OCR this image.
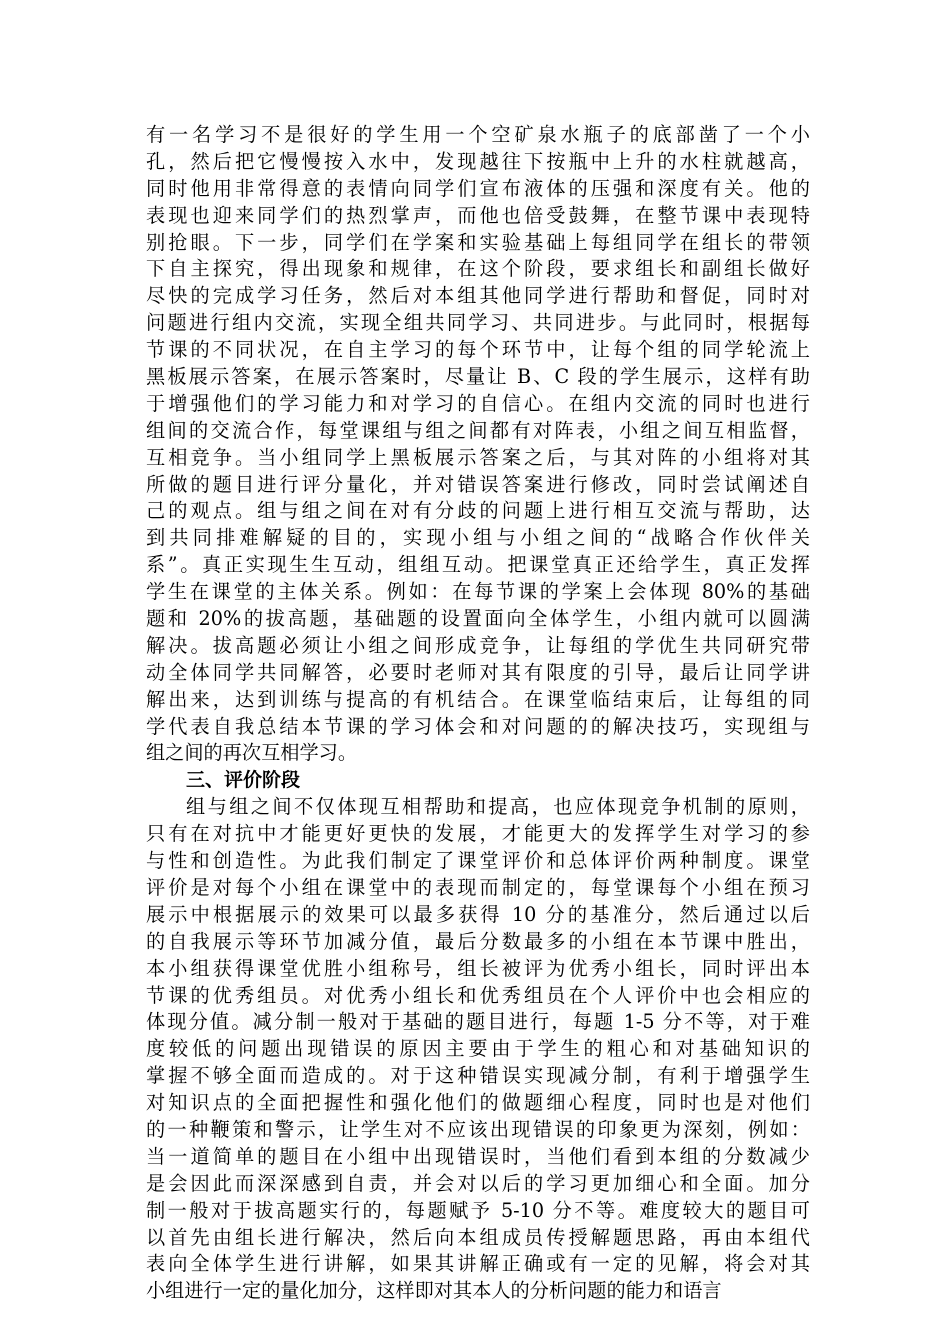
有一名学习不是很好的学生用一个空矿泉水瓶子的底部凿了一个小
孔，然后把它慢慢按入水中，发现越往下按瓶中上升的水柱就越高，
同时他用非常得意的表情向同学们宣布液体的压强和深度有关。他的
表现也迎来同学们的热烈掌声，而他也倍受鼓舞，在整节课中表现特
别抢眼。下一步，同学们在学案和实验基础上每组同学在组长的带领
下自主探究，得出现象和规律，在这个阶段，要求组长和副组长做好
尽快的完成学习任务，然后对本组其他同学进行帮助和督促，同时对
问题进行组内交流，实现全组共同学习、共同进步。与此同时，根据每
节课的不同状况，在自主学习的每个环节中，让每个组的同学轮流上
黑板展示答案，在展示答案时，尽量让 B、C 段的学生展示，这样有助
于增强他们的学习能力和对学习的自信心。在组内交流的同时也进行
组间的交流合作，每堂课组与组之间都有对阵表，小组之间互相监督，
互相竞争。当小组同学上黑板展示答案之后，与其对阵的小组将对其
所做的题目进行评分量化，并对错误答案进行修改，同时尝试阐述自
己的观点。组与组之间在对有分歧的问题上进行相互交流与帮助，达
到共同排难解疑的目的，实现小组与小组之间的“战略合作伙伴关
系”。真正实现生生互动，组组互动。把课堂真正还给学生，真正发挥
学生在课堂的主体关系。例如：在每节课的学案上会体现 80%的基础
题和 20%的拔高题，基础题的设置面向全体学生，小组内就可以圆满
解决。拔高题必须让小组之间形成竞争，让每组的学优生共同研究带
动全体同学共同解答，必要时老师对其有限度的引导，最后让同学讲
解出来，达到训练与提高的有机结合。在课堂临结束后，让每组的同
学代表自我总结本节课的学习体会和对问题的的解决技巧，实现组与
组之间的再次互相学习。
三、评价阶段
组与组之间不仅体现互相帮助和提高，也应体现竞争机制的原则，
只有在对抗中才能更好更快的发展，才能更大的发挥学生对学习的参
与性和创造性。为此我们制定了课堂评价和总体评价两种制度。课堂
评价是对每个小组在课堂中的表现而制定的，每堂课每个小组在预习
展示中根据展示的效果可以最多获得 10 分的基准分，然后通过以后
的自我展示等环节加减分值，最后分数最多的小组在本节课中胜出，
本小组获得课堂优胜小组称号，组长被评为优秀小组长，同时评出本
节课的优秀组员。对优秀小组长和优秀组员在个人评价中也会相应的
体现分值。减分制一般对于基础的题目进行，每题 1-5 分不等，对于难
度较低的问题出现错误的原因主要由于学生的粗心和对基础知识的
掌握不够全面而造成的。对于这种错误实现减分制，有利于增强学生
对知识点的全面把握性和强化他们的做题细心程度，同时也是对他们
的一种鞭策和警示，让学生对不应该出现错误的印象更为深刻，例如：
当一道简单的题目在小组中出现错误时，当他们看到本组的分数减少
是会因此而深深感到自责，并会对以后的学习更加细心和全面。加分
制一般对于拔高题实行的，每题赋予 5-10 分不等。难度较大的题目可
以首先由组长进行解决，然后向本组成员传授解题思路，再由本组代
表向全体学生进行讲解，如果其讲解正确或有一定的见解，将会对其
小组进行一定的量化加分，这样即对其本人的分析问题的能力和语言
